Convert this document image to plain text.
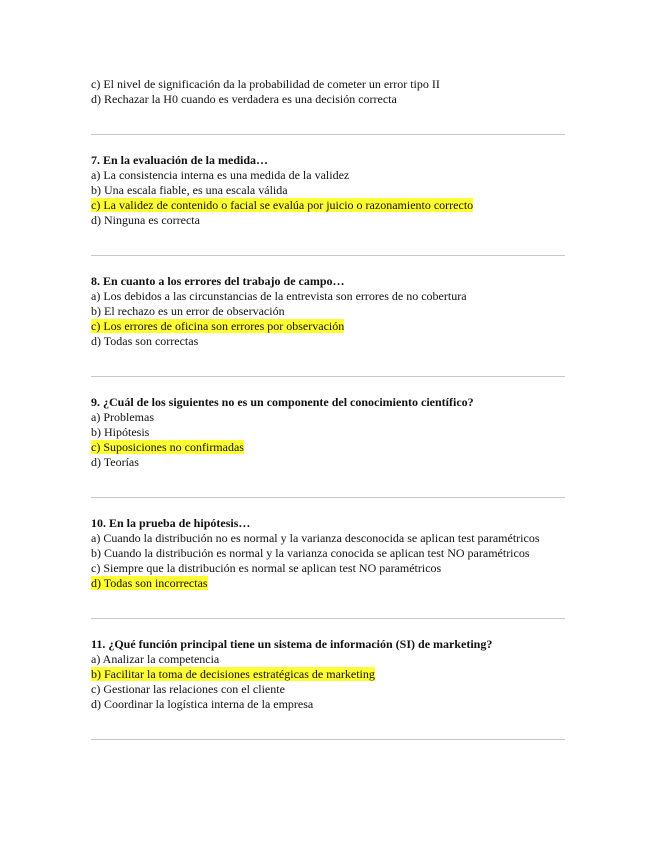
c) El nivel de significación da la probabilidad de cometer un error tipo II
d) Rechazar la H0 cuando es verdadera es una decisión correcta
7. En la evaluación de la medida…
a) La consistencia interna es una medida de la validez
b) Una escala fiable, es una escala válida
c) La validez de contenido o facial se evalúa por juicio o razonamiento correcto
d) Ninguna es correcta
8. En cuanto a los errores del trabajo de campo…
a) Los debidos a las circunstancias de la entrevista son errores de no cobertura
b) El rechazo es un error de observación
c) Los errores de oficina son errores por observación
d) Todas son correctas
9. ¿Cuál de los siguientes no es un componente del conocimiento científico?
a) Problemas
b) Hipótesis
c) Suposiciones no confirmadas
d) Teorías
10. En la prueba de hipótesis…
a) Cuando la distribución no es normal y la varianza desconocida se aplican test paramétricos
b) Cuando la distribución es normal y la varianza conocida se aplican test NO paramétricos
c) Siempre que la distribución es normal se aplican test NO paramétricos
d) Todas son incorrectas
11. ¿Qué función principal tiene un sistema de información (SI) de marketing?
a) Analizar la competencia
b) Facilitar la toma de decisiones estratégicas de marketing
c) Gestionar las relaciones con el cliente
d) Coordinar la logística interna de la empresa
